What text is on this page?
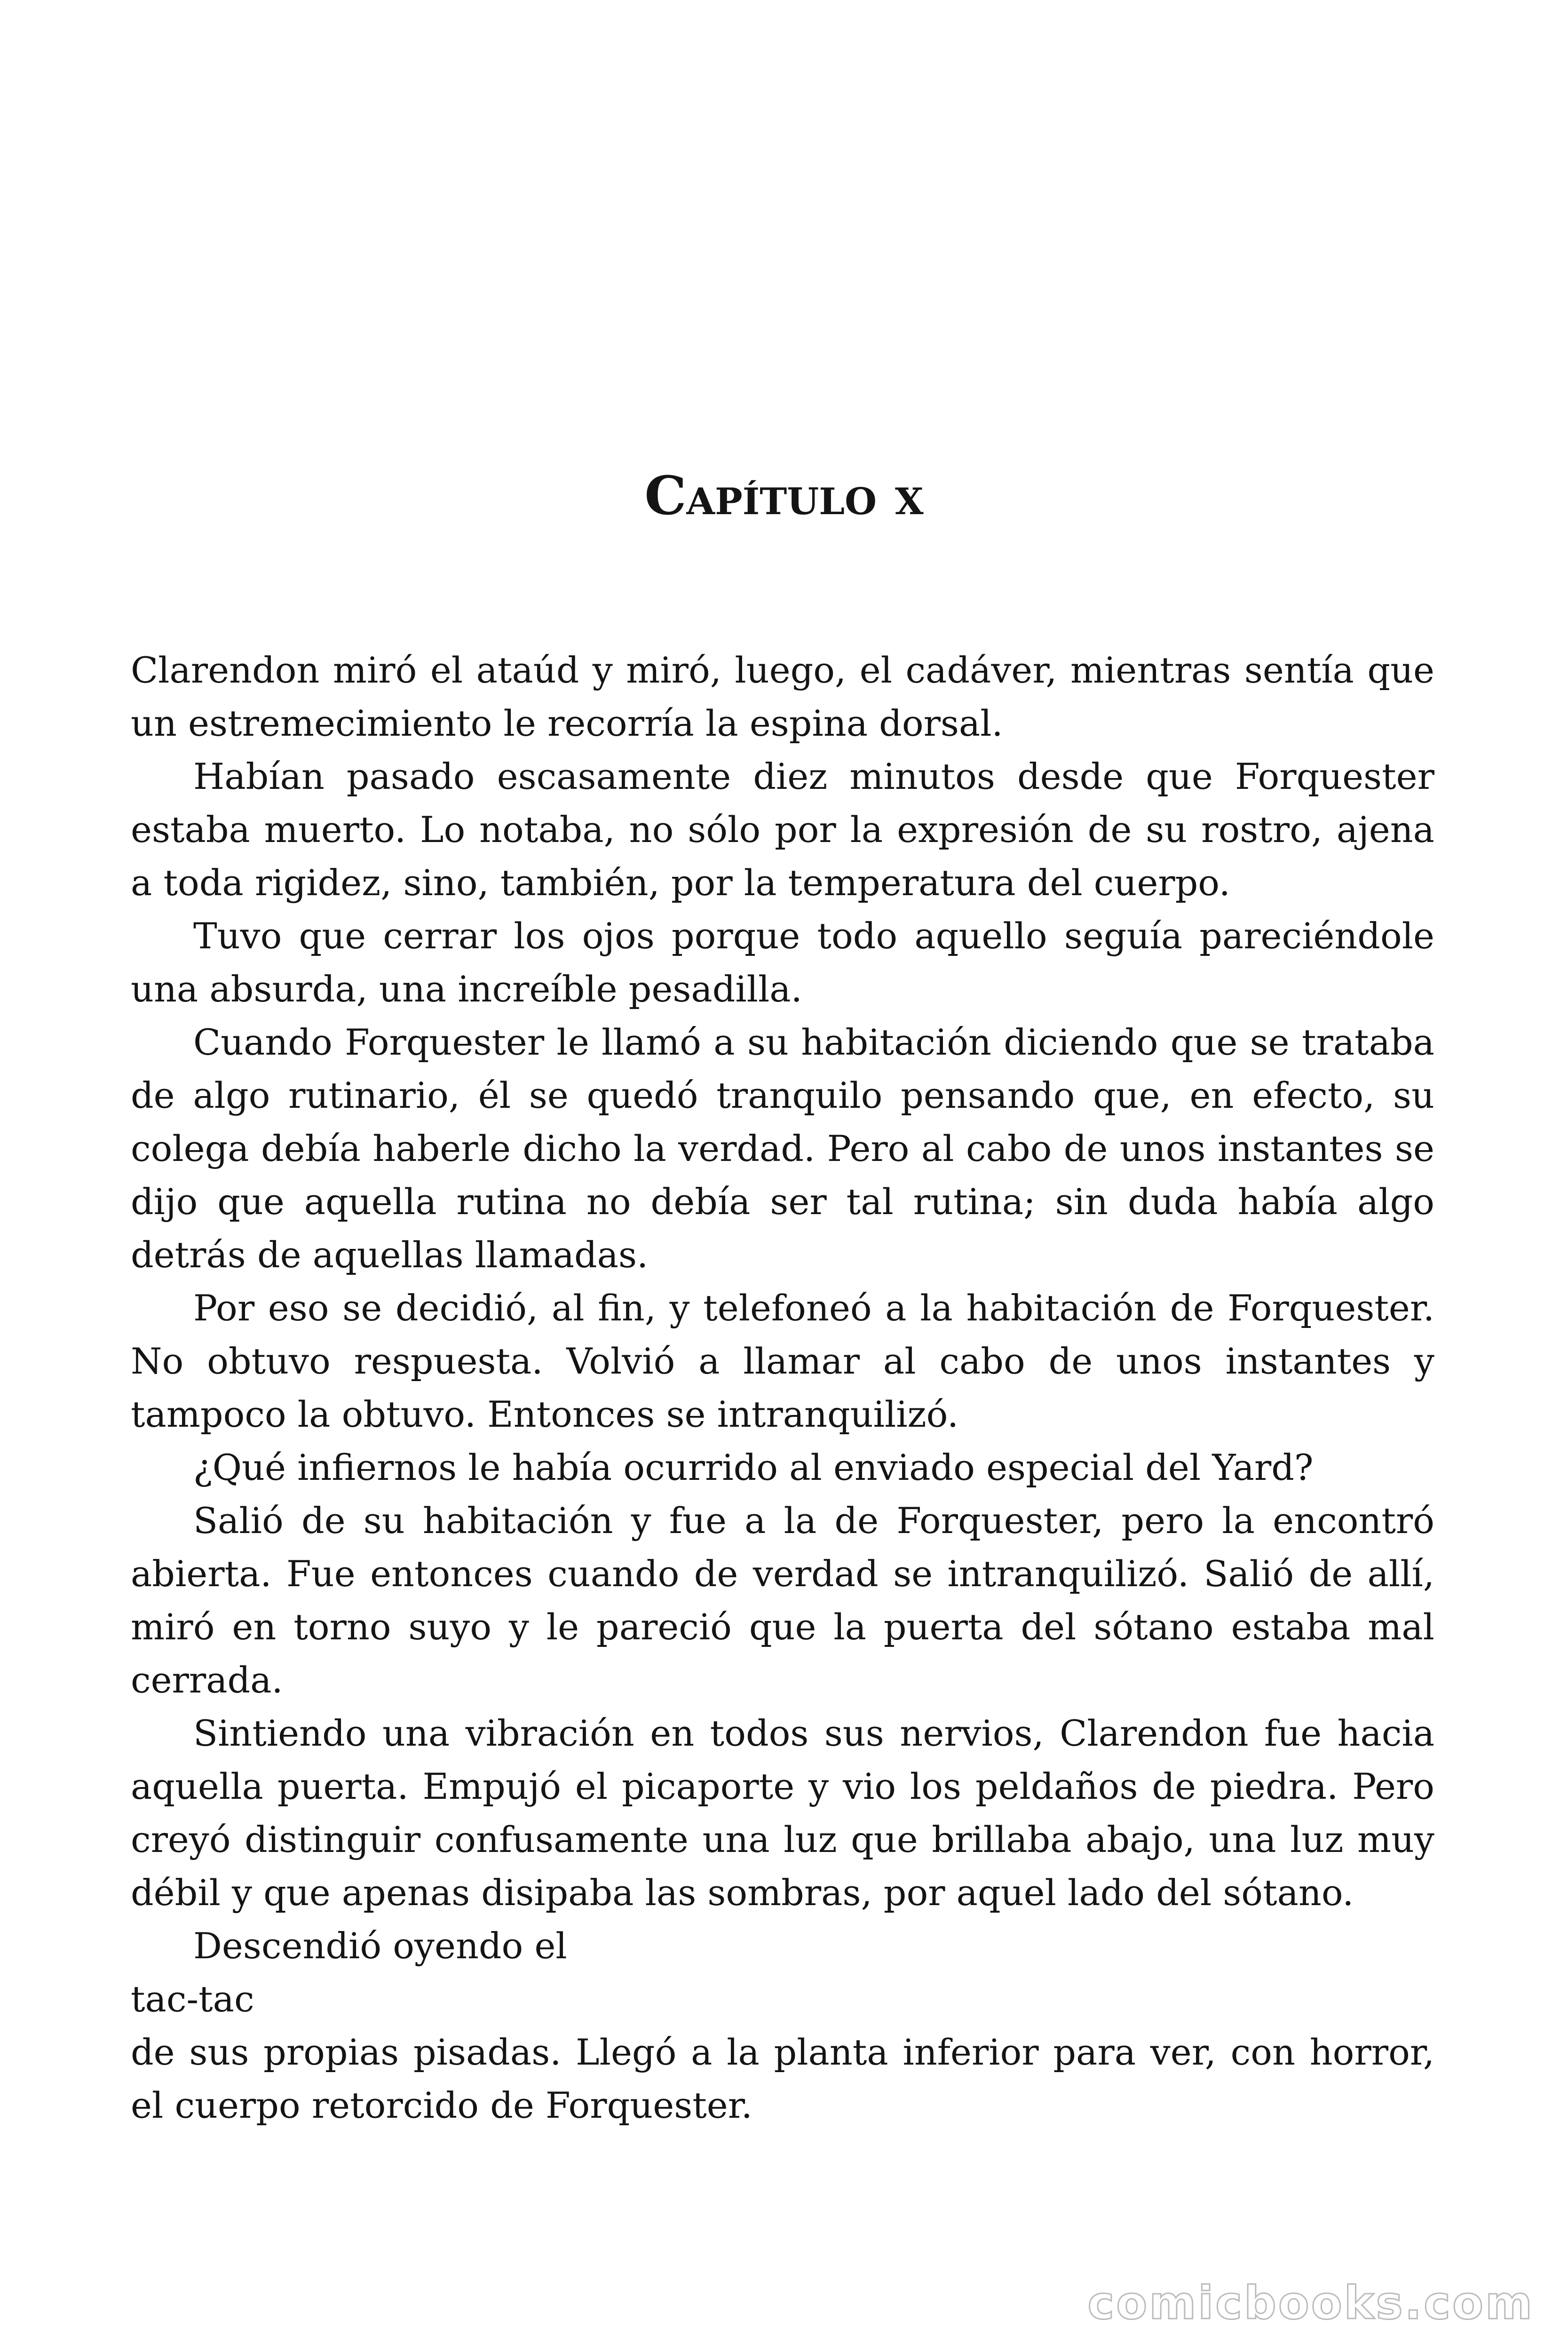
Capítulo x

Clarendon miró el ataúd y miró, luego, el cadáver, mientras sentía que un estremecimiento le recorría la espina dorsal.

Habían pasado escasamente diez minutos desde que Forquester estaba muerto. Lo notaba, no sólo por la expresión de su rostro, ajena a toda rigidez, sino, también, por la temperatura del cuerpo.

Tuvo que cerrar los ojos porque todo aquello seguía pareciéndole una absurda, una increíble pesadilla.

Cuando Forquester le llamó a su habitación diciendo que se trataba de algo rutinario, él se quedó tranquilo pensando que, en efecto, su colega debía haberle dicho la verdad. Pero al cabo de unos instantes se dijo que aquella rutina no debía ser tal rutina; sin duda había algo detrás de aquellas llamadas.

Por eso se decidió, al fin, y telefoneó a la habitación de Forquester. No obtuvo respuesta. Volvió a llamar al cabo de unos instantes y tampoco la obtuvo. Entonces se intranquilizó.

¿Qué infiernos le había ocurrido al enviado especial del Yard?

Salió de su habitación y fue a la de Forquester, pero la encontró abierta. Fue entonces cuando de verdad se intranquilizó. Salió de allí, miró en torno suyo y le pareció que la puerta del sótano estaba mal cerrada.

Sintiendo una vibración en todos sus nervios, Clarendon fue hacia aquella puerta. Empujó el picaporte y vio los peldaños de piedra. Pero creyó distinguir confusamente una luz que brillaba abajo, una luz muy débil y que apenas disipaba las sombras, por aquel lado del sótano.

Descendió oyendo el

tac-tac

de sus propias pisadas. Llegó a la planta inferior para ver, con horror, el cuerpo retorcido de Forquester.

comicbooks.com
